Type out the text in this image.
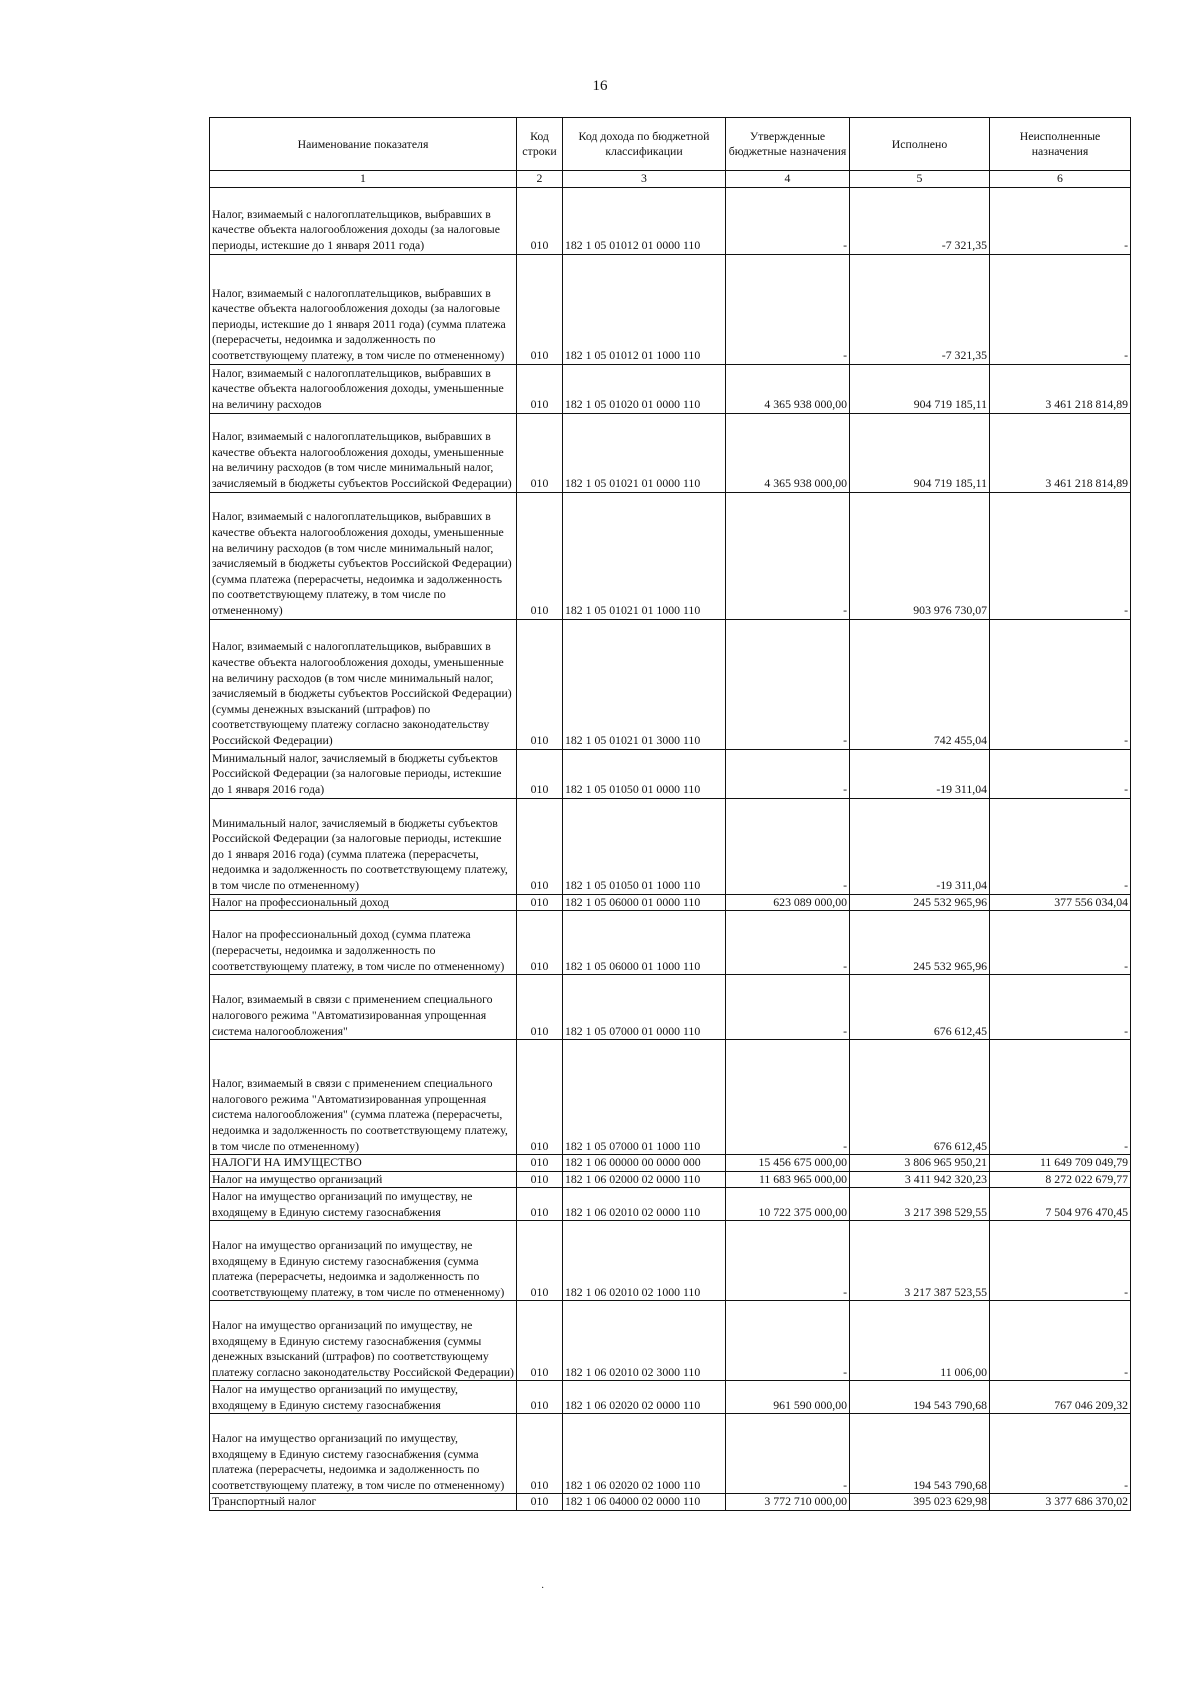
16
Наименование показателя	Код строки	Код дохода по бюджетной классификации	Утвержденные бюджетные назначения	Исполнено	Неисполненные назначения
1	2	3	4	5	6
Налог, взимаемый с налогоплательщиков, выбравших в качестве объекта налогообложения доходы (за налоговые периоды, истекшие до 1 января 2011 года)	010	182 1 05 01012 01 0000 110	-	-7 321,35	-
Налог, взимаемый с налогоплательщиков, выбравших в качестве объекта налогообложения доходы (за налоговые периоды, истекшие до 1 января 2011 года) (сумма платежа (перерасчеты, недоимка и задолженность по соответствующему платежу, в том числе по отмененному)	010	182 1 05 01012 01 1000 110	-	-7 321,35	-
Налог, взимаемый с налогоплательщиков, выбравших в качестве объекта налогообложения доходы, уменьшенные на величину расходов	010	182 1 05 01020 01 0000 110	4 365 938 000,00	904 719 185,11	3 461 218 814,89
Налог, взимаемый с налогоплательщиков, выбравших в качестве объекта налогообложения доходы, уменьшенные на величину расходов (в том числе минимальный налог, зачисляемый в бюджеты субъектов Российской Федерации)	010	182 1 05 01021 01 0000 110	4 365 938 000,00	904 719 185,11	3 461 218 814,89
Налог, взимаемый с налогоплательщиков, выбравших в качестве объекта налогообложения доходы, уменьшенные на величину расходов (в том числе минимальный налог, зачисляемый в бюджеты субъектов Российской Федерации) (сумма платежа (перерасчеты, недоимка и задолженность по соответствующему платежу, в том числе по отмененному)	010	182 1 05 01021 01 1000 110	-	903 976 730,07	-
Налог, взимаемый с налогоплательщиков, выбравших в качестве объекта налогообложения доходы, уменьшенные на величину расходов (в том числе минимальный налог, зачисляемый в бюджеты субъектов Российской Федерации) (суммы денежных взысканий (штрафов) по соответствующему платежу согласно законодательству Российской Федерации)	010	182 1 05 01021 01 3000 110	-	742 455,04	-
Минимальный налог, зачисляемый в бюджеты субъектов Российской Федерации (за налоговые периоды, истекшие до 1 января 2016 года)	010	182 1 05 01050 01 0000 110	-	-19 311,04	-
Минимальный налог, зачисляемый в бюджеты субъектов Российской Федерации (за налоговые периоды, истекшие до 1 января 2016 года) (сумма платежа (перерасчеты, недоимка и задолженность по соответствующему платежу, в том числе по отмененному)	010	182 1 05 01050 01 1000 110	-	-19 311,04	-
Налог на профессиональный доход	010	182 1 05 06000 01 0000 110	623 089 000,00	245 532 965,96	377 556 034,04
Налог на профессиональный доход (сумма платежа (перерасчеты, недоимка и задолженность по соответствующему платежу, в том числе по отмененному)	010	182 1 05 06000 01 1000 110	-	245 532 965,96	-
Налог, взимаемый в связи с применением специального налогового режима "Автоматизированная упрощенная система налогообложения"	010	182 1 05 07000 01 0000 110	-	676 612,45	-
Налог, взимаемый в связи с применением специального налогового режима "Автоматизированная упрощенная система налогообложения" (сумма платежа (перерасчеты, недоимка и задолженность по соответствующему платежу, в том числе по отмененному)	010	182 1 05 07000 01 1000 110	-	676 612,45	-
НАЛОГИ НА ИМУЩЕСТВО	010	182 1 06 00000 00 0000 000	15 456 675 000,00	3 806 965 950,21	11 649 709 049,79
Налог на имущество организаций	010	182 1 06 02000 02 0000 110	11 683 965 000,00	3 411 942 320,23	8 272 022 679,77
Налог на имущество организаций по имуществу, не входящему в Единую систему газоснабжения	010	182 1 06 02010 02 0000 110	10 722 375 000,00	3 217 398 529,55	7 504 976 470,45
Налог на имущество организаций по имуществу, не входящему в Единую систему газоснабжения (сумма платежа (перерасчеты, недоимка и задолженность по соответствующему платежу, в том числе по отмененному)	010	182 1 06 02010 02 1000 110	-	3 217 387 523,55	-
Налог на имущество организаций по имуществу, не входящему в Единую систему газоснабжения (суммы денежных взысканий (штрафов) по соответствующему платежу согласно законодательству Российской Федерации)	010	182 1 06 02010 02 3000 110	-	11 006,00	-
Налог на имущество организаций по имуществу, входящему в Единую систему газоснабжения	010	182 1 06 02020 02 0000 110	961 590 000,00	194 543 790,68	767 046 209,32
Налог на имущество организаций по имуществу, входящему в Единую систему газоснабжения (сумма платежа (перерасчеты, недоимка и задолженность по соответствующему платежу, в том числе по отмененному)	010	182 1 06 02020 02 1000 110	-	194 543 790,68	-
Транспортный налог	010	182 1 06 04000 02 0000 110	3 772 710 000,00	395 023 629,98	3 377 686 370,02
·
